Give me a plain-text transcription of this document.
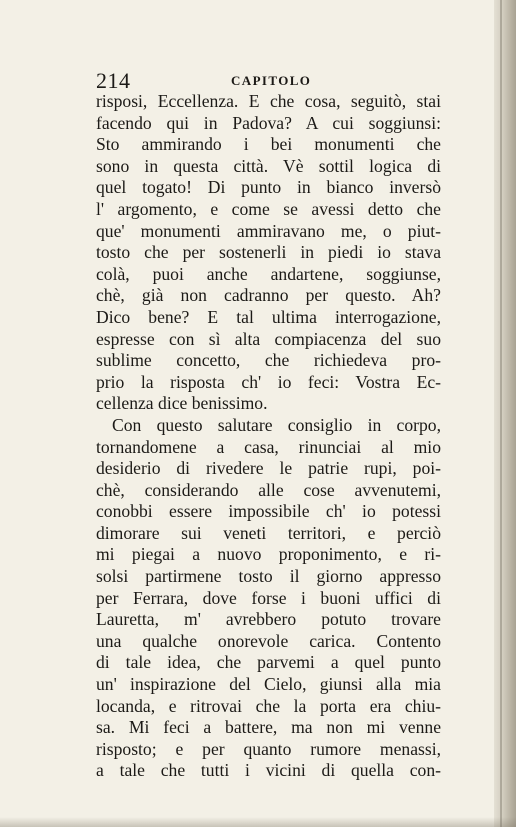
214	CAPITOLO
risposi, Eccellenza. E che cosa, seguitò, stai
facendo qui in Padova? A cui soggiunsi:
Sto ammirando i bei monumenti che
sono in questa città. Vè sottil logica di
quel togato! Di punto in bianco inversò
l' argomento, e come se avessi detto che
que' monumenti ammiravano me, o piut-
tosto che per sostenerli in piedi io stava
colà, puoi anche andartene, soggiunse,
chè, già non cadranno per questo. Ah?
Dico bene? E tal ultima interrogazione,
espresse con sì alta compiacenza del suo
sublime concetto, che richiedeva pro-
prio la risposta ch' io feci: Vostra Ec-
cellenza dice benissimo.
Con questo salutare consiglio in corpo,
tornandomene a casa, rinunciai al mio
desiderio di rivedere le patrie rupi, poi-
chè, considerando alle cose avvenutemi,
conobbi essere impossibile ch' io potessi
dimorare sui veneti territori, e perciò
mi piegai a nuovo proponimento, e ri-
solsi partirmene tosto il giorno appresso
per Ferrara, dove forse i buoni uffici di
Lauretta, m' avrebbero potuto trovare
una qualche onorevole carica. Contento
di tale idea, che parvemi a quel punto
un' inspirazione del Cielo, giunsi alla mia
locanda, e ritrovai che la porta era chiu-
sa. Mi feci a battere, ma non mi venne
risposto; e per quanto rumore menassi,
a tale che tutti i vicini di quella con-
